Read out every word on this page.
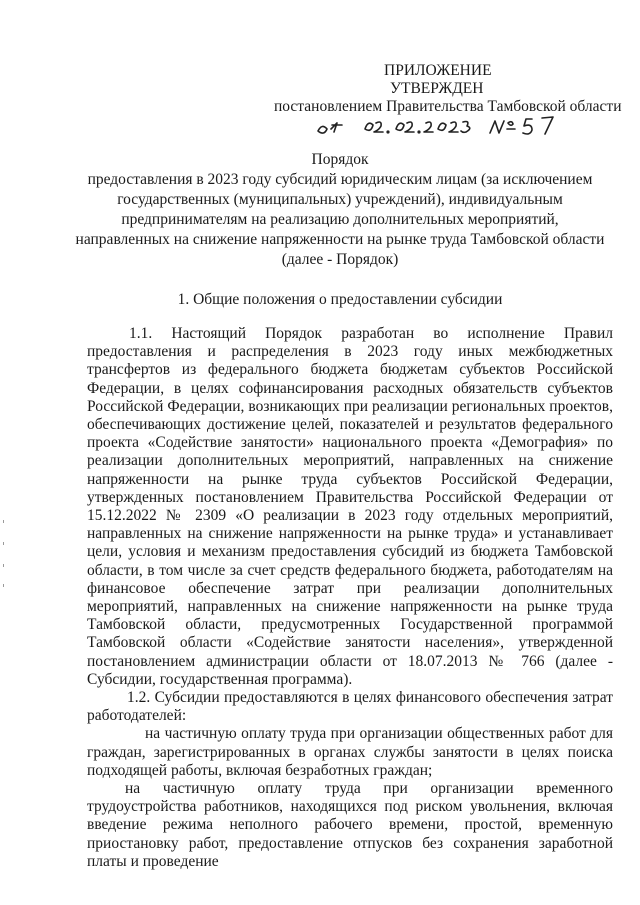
ПРИЛОЖЕНИЕ
УТВЕРЖДЕН
постановлением Правительства Тамбовской области
Порядок
предоставления в 2023 году субсидий юридическим лицам (за исключением
государственных (муниципальных) учреждений), индивидуальным
предпринимателям на реализацию дополнительных мероприятий,
направленных на снижение напряженности на рынке труда Тамбовской области
(далее - Порядок)
1. Общие положения о предоставлении субсидии

1.1. Настоящий Порядок разработан во исполнение Правил предоставления и распределения в 2023 году иных межбюджетных трансфертов из федерального бюджета бюджетам субъектов Российской Федерации, в целях софинансирования расходных обязательств субъектов Российской Федерации, возникающих при реализации региональных проектов, обеспечивающих достижение целей, показателей и результатов федерального проекта «Содействие занятости» национального проекта «Демография» по реализации дополнительных мероприятий, направленных на снижение напряженности на рынке труда субъектов Российской Федерации, утвержденных постановлением Правительства Российской Федерации от 15.12.2022 № 2309 «О реализации в 2023 году отдельных мероприятий, направленных на снижение напряженности на рынке труда» и устанавливает цели, условия и механизм предоставления субсидий из бюджета Тамбовской области, в том числе за счет средств федерального бюджета, работодателям на финансовое обеспечение затрат при реализации дополнительных мероприятий, направленных на снижение напряженности на рынке труда Тамбовской области, предусмотренных Государственной программой Тамбовской области «Содействие занятости населения», утвержденной постановлением администрации области от 18.07.2013 № 766 (далее - Субсидии, государственная программа).

1.2. Субсидии предоставляются в целях финансового обеспечения затрат работодателей:

на частичную оплату труда при организации общественных работ для граждан, зарегистрированных в органах службы занятости в целях поиска подходящей работы, включая безработных граждан;

на частичную оплату труда при организации временного трудоустройства работников, находящихся под риском увольнения, включая введение режима неполного рабочего времени, простой, временную приостановку работ, предоставление отпусков без сохранения заработной платы и проведение
